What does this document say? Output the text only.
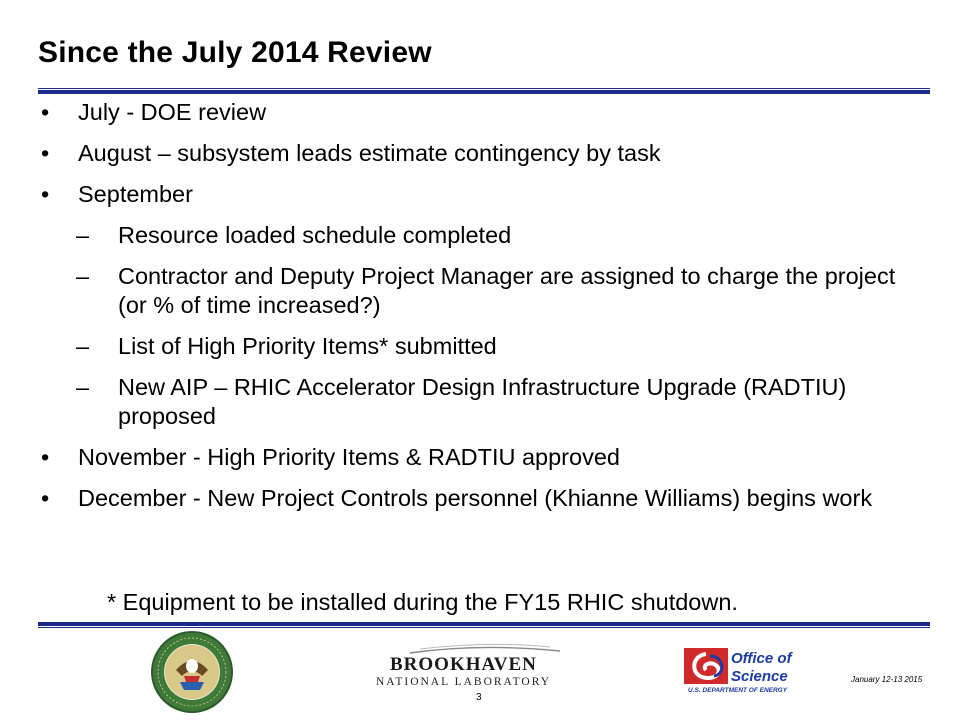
Since the July 2014 Review
• July - DOE review
• August – subsystem leads estimate contingency by task
• September
– Resource loaded schedule completed
– Contractor and Deputy Project Manager are assigned to charge the project (or % of time increased?)
– List of High Priority Items* submitted
– New AIP – RHIC Accelerator Design Infrastructure Upgrade (RADTIU) proposed
• November - High Priority Items & RADTIU approved
• December - New Project Controls personnel (Khianne Williams) begins work
* Equipment to be installed during the FY15 RHIC shutdown.
BROOKHAVEN
NATIONAL LABORATORY
Office of
Science
U.S. DEPARTMENT OF ENERGY
January 12-13 2015
3
